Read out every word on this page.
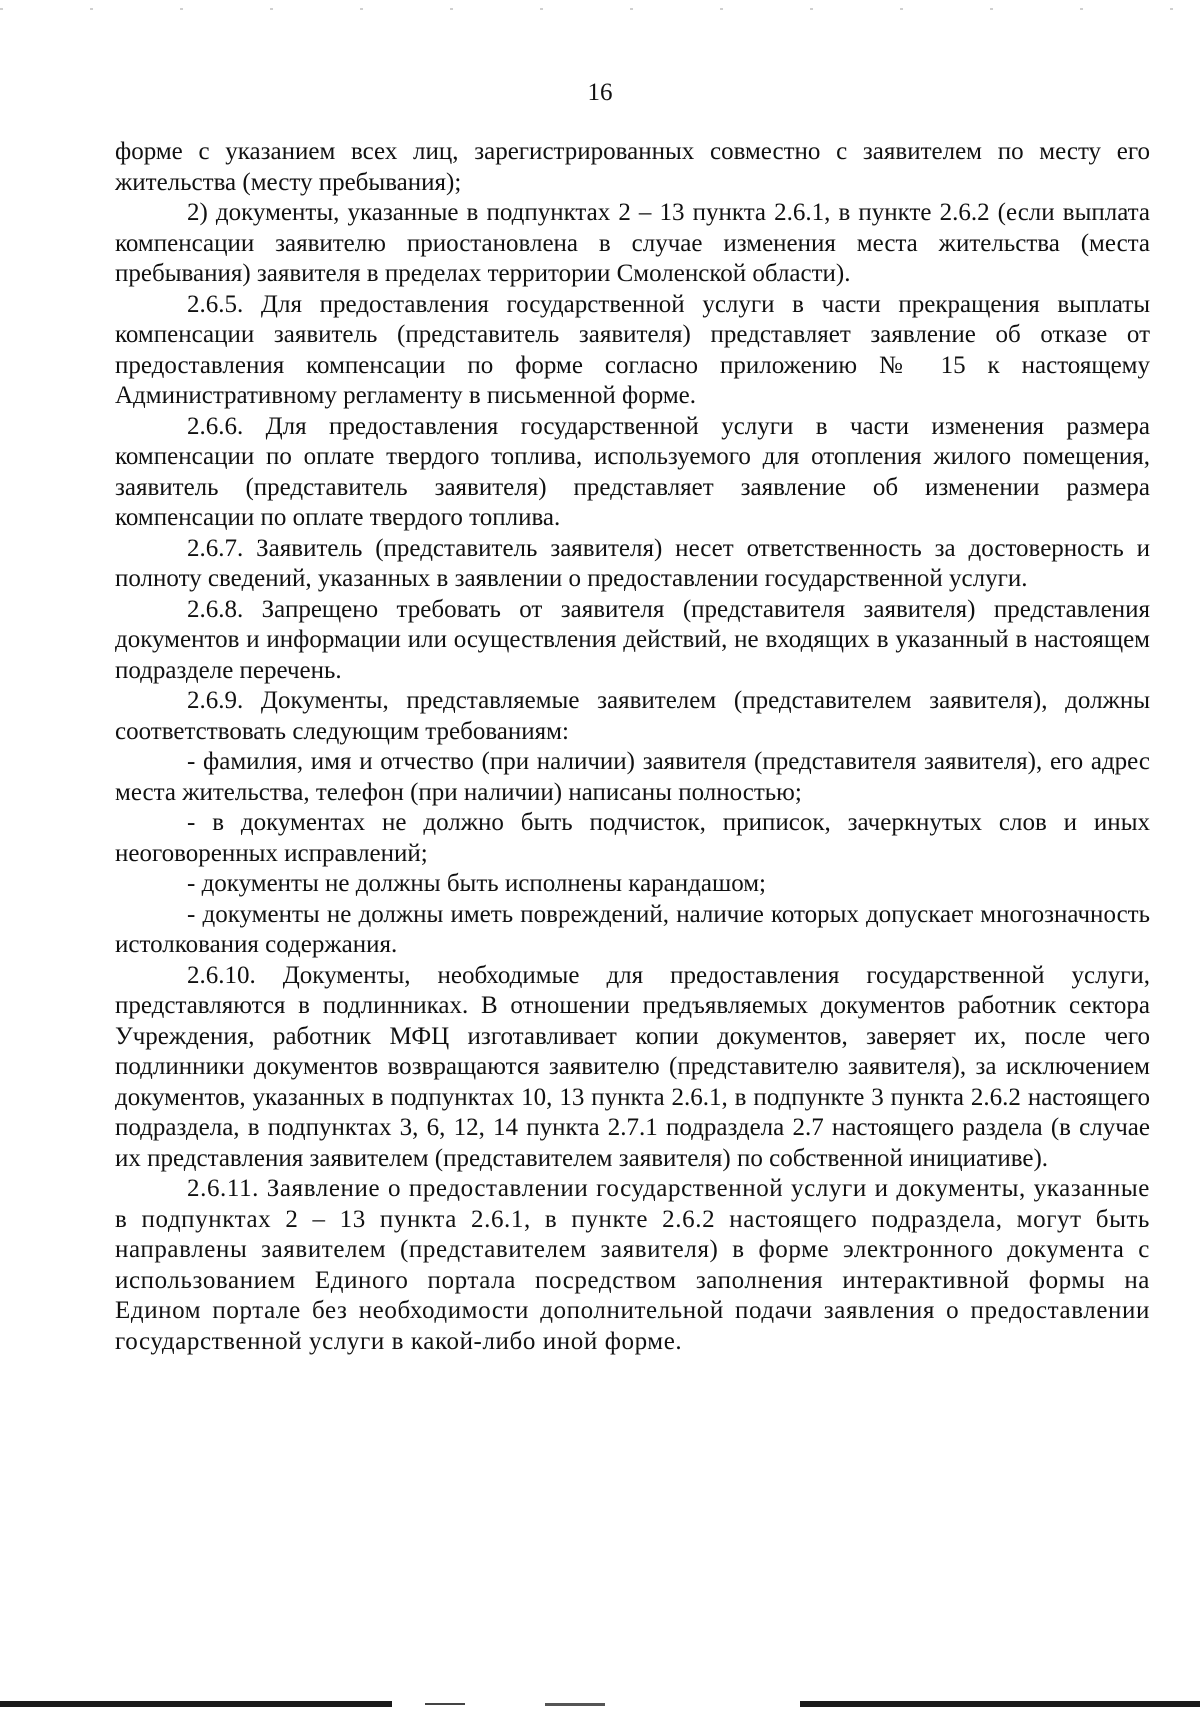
16

форме с указанием всех лиц, зарегистрированных совместно с заявителем по месту его жительства (месту пребывания);

2) документы, указанные в подпунктах 2 – 13 пункта 2.6.1, в пункте 2.6.2 (если выплата компенсации заявителю приостановлена в случае изменения места жительства (места пребывания) заявителя в пределах территории Смоленской области).

2.6.5. Для предоставления государственной услуги в части прекращения выплаты компенсации заявитель (представитель заявителя) представляет заявление об отказе от предоставления компенсации по форме согласно приложению № 15 к настоящему Административному регламенту в письменной форме.

2.6.6. Для предоставления государственной услуги в части изменения размера компенсации по оплате твердого топлива, используемого для отопления жилого помещения, заявитель (представитель заявителя) представляет заявление об изменении размера компенсации по оплате твердого топлива.

2.6.7. Заявитель (представитель заявителя) несет ответственность за достоверность и полноту сведений, указанных в заявлении о предоставлении государственной услуги.

2.6.8. Запрещено требовать от заявителя (представителя заявителя) представления документов и информации или осуществления действий, не входящих в указанный в настоящем подразделе перечень.

2.6.9. Документы, представляемые заявителем (представителем заявителя), должны соответствовать следующим требованиям:

- фамилия, имя и отчество (при наличии) заявителя (представителя заявителя), его адрес места жительства, телефон (при наличии) написаны полностью;

- в документах не должно быть подчисток, приписок, зачеркнутых слов и иных неоговоренных исправлений;

- документы не должны быть исполнены карандашом;

- документы не должны иметь повреждений, наличие которых допускает многозначность истолкования содержания.

2.6.10. Документы, необходимые для предоставления государственной услуги, представляются в подлинниках. В отношении предъявляемых документов работник сектора Учреждения, работник МФЦ изготавливает копии документов, заверяет их, после чего подлинники документов возвращаются заявителю (представителю заявителя), за исключением документов, указанных в подпунктах 10, 13 пункта 2.6.1, в подпункте 3 пункта 2.6.2 настоящего подраздела, в подпунктах 3, 6, 12, 14 пункта 2.7.1 подраздела 2.7 настоящего раздела (в случае их представления заявителем (представителем заявителя) по собственной инициативе).

2.6.11. Заявление о предоставлении государственной услуги и документы, указанные в подпунктах 2 – 13 пункта 2.6.1, в пункте 2.6.2 настоящего подраздела, могут быть направлены заявителем (представителем заявителя) в форме электронного документа с использованием Единого портала посредством заполнения интерактивной формы на Едином портале без необходимости дополнительной подачи заявления о предоставлении государственной услуги в какой-либо иной форме.
